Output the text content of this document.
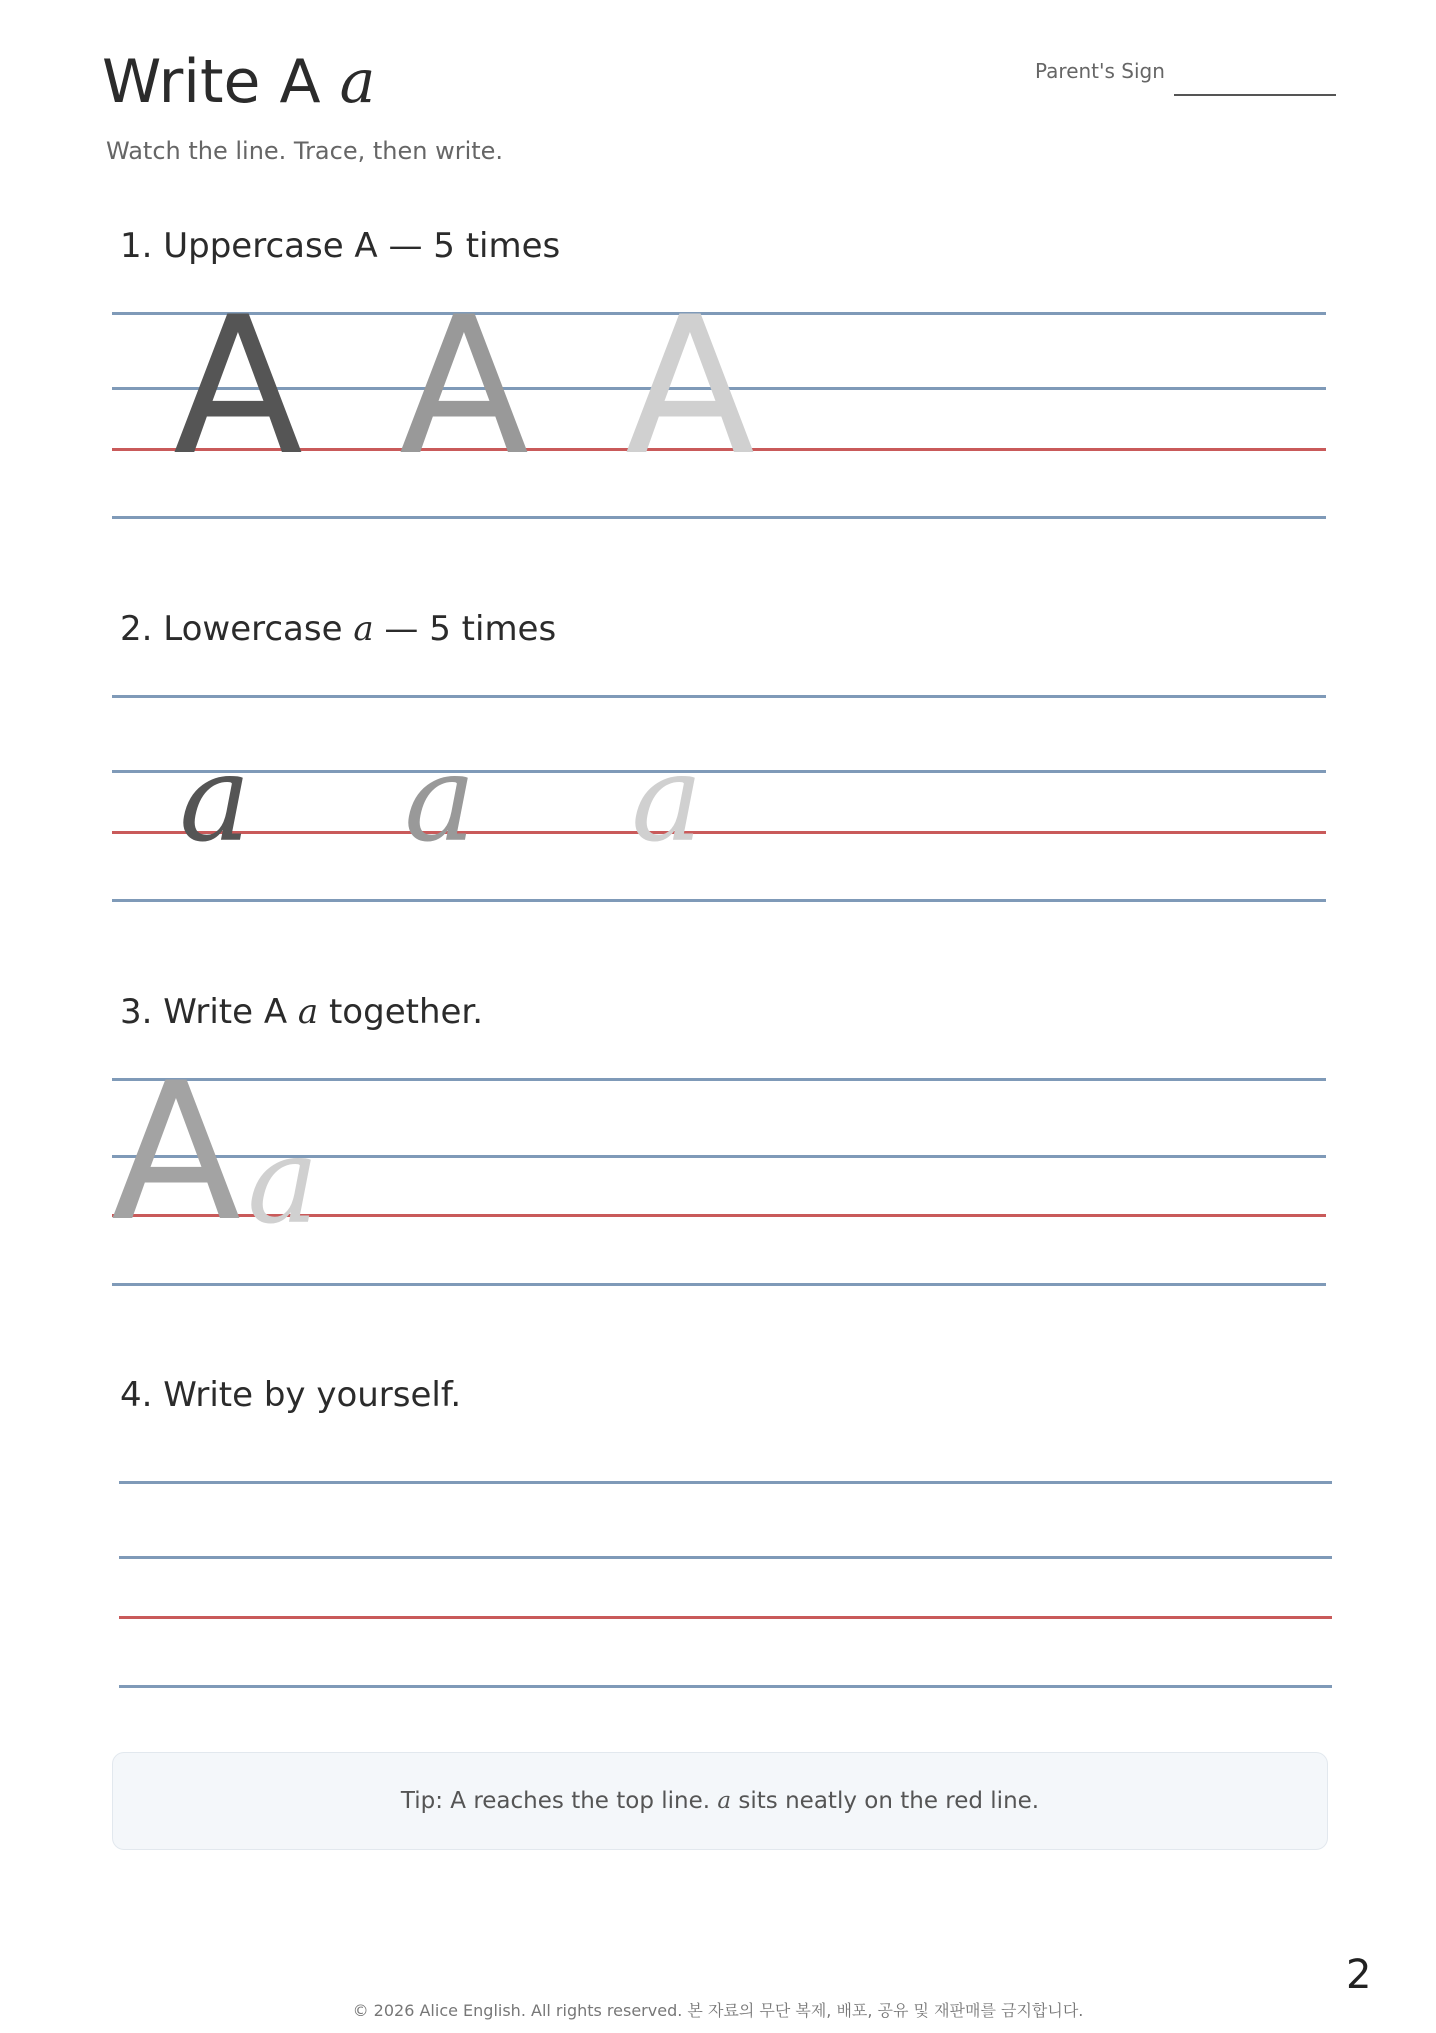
Write A a
Watch the line. Trace, then write.
Parent's Sign
1. Uppercase A — 5 times
A A A
2. Lowercase a — 5 times
a a a
3. Write A a together.
A a
4. Write by yourself.
Tip: A reaches the top line. a sits neatly on the red line.
2
© 2026 Alice English. All rights reserved. 본 자료의 무단 복제, 배포, 공유 및 재판매를 금지합니다.
